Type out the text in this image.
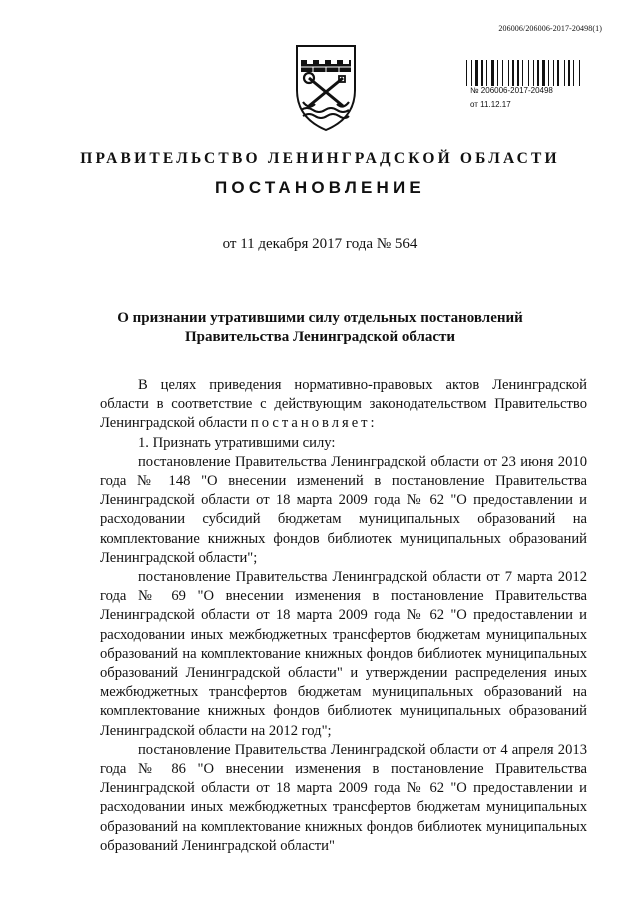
206006/206006-2017-20498(1)
№ 206006-2017-20498
от 11.12.17
ПРАВИТЕЛЬСТВО ЛЕНИНГРАДСКОЙ ОБЛАСТИ
ПОСТАНОВЛЕНИЕ
от 11 декабря 2017 года № 564
О признании утратившими силу отдельных постановлений
Правительства Ленинградской области

В целях приведения нормативно-правовых актов Ленинградской области в соответствие с действующим законодательством Правительство Ленинградской области постановляет:

1. Признать утратившими силу:

постановление Правительства Ленинградской области от 23 июня 2010 года № 148 "О внесении изменений в постановление Правительства Ленинградской области от 18 марта 2009 года № 62 "О предоставлении и расходовании субсидий бюджетам муниципальных образований на комплектование книжных фондов библиотек муниципальных образований Ленинградской области";

постановление Правительства Ленинградской области от 7 марта 2012 года № 69 "О внесении изменения в постановление Правительства Ленинградской области от 18 марта 2009 года № 62 "О предоставлении и расходовании иных межбюджетных трансфертов бюджетам муниципальных образований на комплектование книжных фондов библиотек муниципальных образований Ленинградской области" и утверждении распределения иных межбюджетных трансфертов бюджетам муниципальных образований на комплектование книжных фондов библиотек муниципальных образований Ленинградской области на 2012 год";

постановление Правительства Ленинградской области от 4 апреля 2013 года № 86 "О внесении изменения в постановление Правительства Ленинградской области от 18 марта 2009 года № 62 "О предоставлении и расходовании иных межбюджетных трансфертов бюджетам муниципальных образований на комплектование книжных фондов библиотек муниципальных образований Ленинградской области"
